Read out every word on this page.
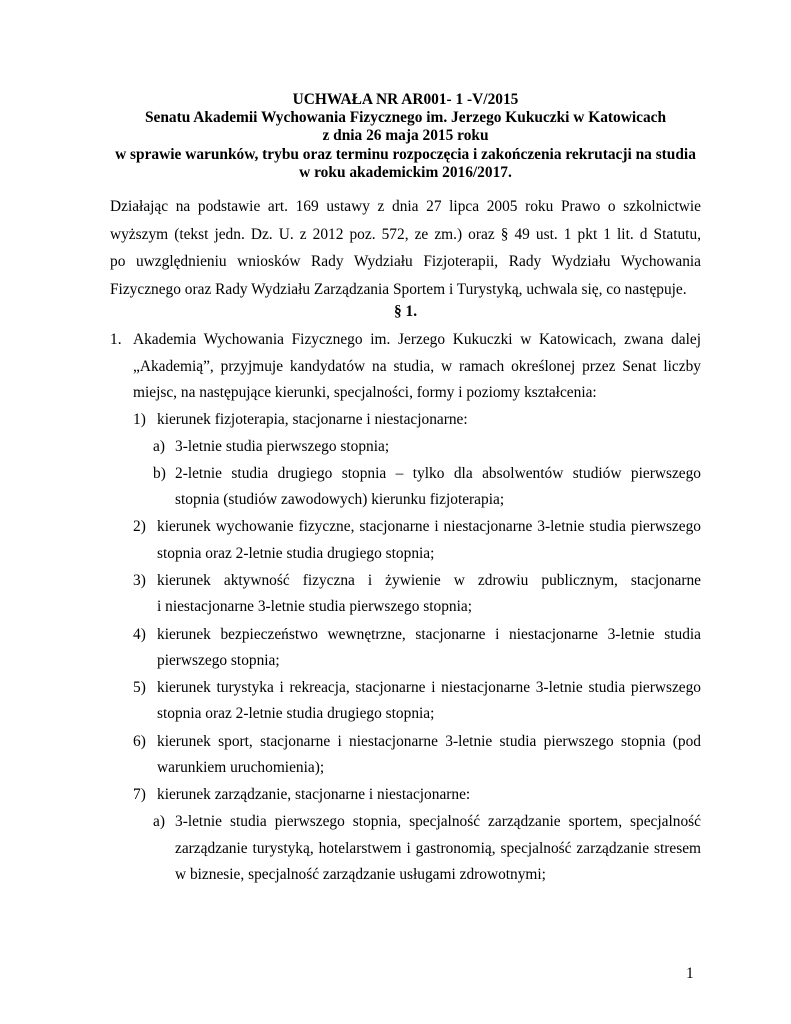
UCHWAŁA NR AR001- 1 -V/2015
Senatu Akademii Wychowania Fizycznego im. Jerzego Kukuczki w Katowicach
z dnia 26 maja 2015 roku
w sprawie warunków, trybu oraz terminu rozpoczęcia i zakończenia rekrutacji na studia
w roku akademickim 2016/2017.
Działając na podstawie art. 169 ustawy z dnia 27 lipca 2005 roku Prawo o szkolnictwie
wyższym (tekst jedn. Dz. U. z 2012 poz. 572, ze zm.) oraz § 49 ust. 1 pkt 1 lit. d Statutu,
po uwzględnieniu wniosków Rady Wydziału Fizjoterapii, Rady Wydziału Wychowania
Fizycznego oraz Rady Wydziału Zarządzania Sportem i Turystyką, uchwala się, co następuje.
§ 1.
1. Akademia Wychowania Fizycznego im. Jerzego Kukuczki w Katowicach, zwana dalej
„Akademią”, przyjmuje kandydatów na studia, w ramach określonej przez Senat liczby
miejsc, na następujące kierunki, specjalności, formy i poziomy kształcenia:
1) kierunek fizjoterapia, stacjonarne i niestacjonarne:
a) 3-letnie studia pierwszego stopnia;
b) 2-letnie studia drugiego stopnia – tylko dla absolwentów studiów pierwszego
stopnia (studiów zawodowych) kierunku fizjoterapia;
2) kierunek wychowanie fizyczne, stacjonarne i niestacjonarne 3-letnie studia pierwszego
stopnia oraz 2-letnie studia drugiego stopnia;
3) kierunek aktywność fizyczna i żywienie w zdrowiu publicznym, stacjonarne
i niestacjonarne 3-letnie studia pierwszego stopnia;
4) kierunek bezpieczeństwo wewnętrzne, stacjonarne i niestacjonarne 3-letnie studia
pierwszego stopnia;
5) kierunek turystyka i rekreacja, stacjonarne i niestacjonarne 3-letnie studia pierwszego
stopnia oraz 2-letnie studia drugiego stopnia;
6) kierunek sport, stacjonarne i niestacjonarne 3-letnie studia pierwszego stopnia (pod
warunkiem uruchomienia);
7) kierunek zarządzanie, stacjonarne i niestacjonarne:
a) 3-letnie studia pierwszego stopnia, specjalność zarządzanie sportem, specjalność
zarządzanie turystyką, hotelarstwem i gastronomią, specjalność zarządzanie stresem
w biznesie, specjalność zarządzanie usługami zdrowotnymi;
1
